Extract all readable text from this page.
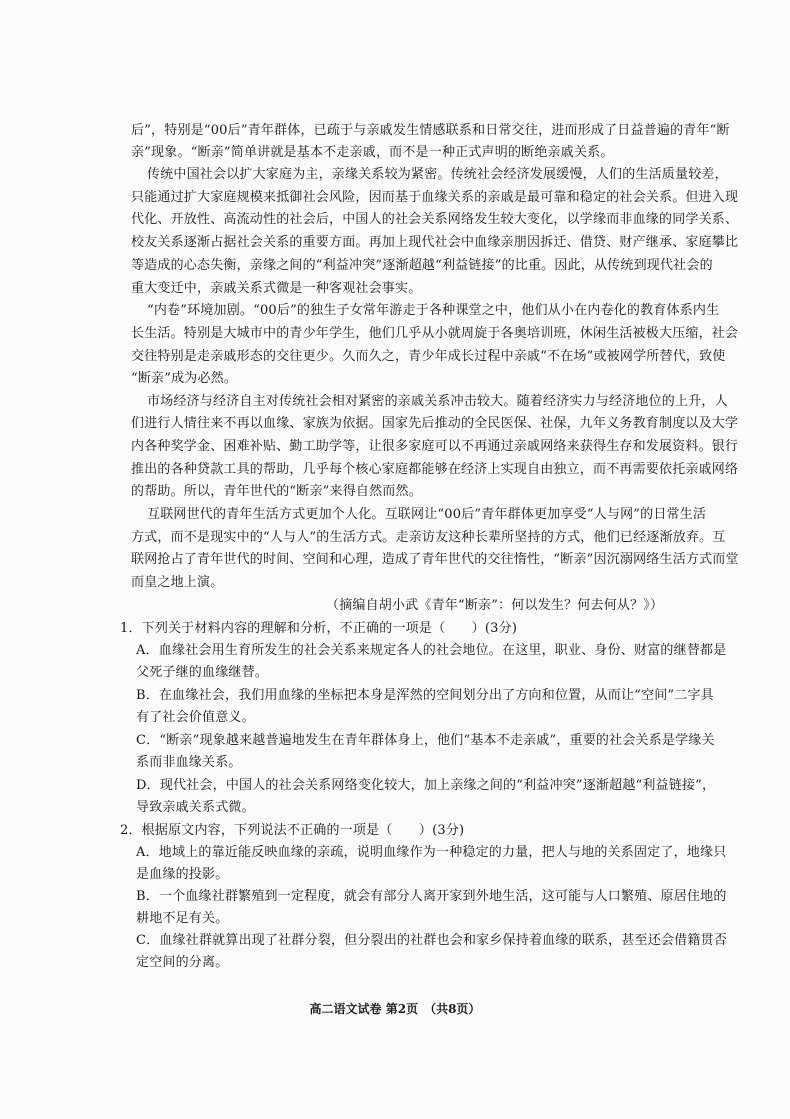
后”，特别是“00后”青年群体，已疏于与亲戚发生情感联系和日常交往，进而形成了日益普遍的青年“断
亲”现象。“断亲”简单讲就是基本不走亲戚，而不是一种正式声明的断绝亲戚关系。
传统中国社会以扩大家庭为主，亲缘关系较为紧密。传统社会经济发展缓慢，人们的生活质量较差，
只能通过扩大家庭规模来抵御社会风险，因而基于血缘关系的亲戚是最可靠和稳定的社会关系。但进入现
代化、开放性、高流动性的社会后，中国人的社会关系网络发生较大变化，以学缘而非血缘的同学关系、
校友关系逐渐占据社会关系的重要方面。再加上现代社会中血缘亲朋因拆迁、借贷、财产继承、家庭攀比
等造成的心态失衡，亲缘之间的“利益冲突”逐渐超越“利益链接”的比重。因此，从传统到现代社会的
重大变迁中，亲戚关系式微是一种客观社会事实。
“内卷”环境加剧。“00后”的独生子女常年游走于各种课堂之中，他们从小在内卷化的教育体系内生
长生活。特别是大城市中的青少年学生，他们几乎从小就周旋于各奥培训班，休闲生活被极大压缩，社会
交往特别是走亲戚形态的交往更少。久而久之，青少年成长过程中亲戚“不在场”或被网学所替代，致使
“断亲”成为必然。
市场经济与经济自主对传统社会相对紧密的亲戚关系冲击较大。随着经济实力与经济地位的上升，人
们进行人情往来不再以血缘、家族为依据。国家先后推动的全民医保、社保，九年义务教育制度以及大学
内各种奖学金、困难补贴、勤工助学等，让很多家庭可以不再通过亲戚网络来获得生存和发展资料。银行
推出的各种贷款工具的帮助，几乎每个核心家庭都能够在经济上实现自由独立，而不再需要依托亲戚网络
的帮助。所以，青年世代的“断亲”来得自然而然。
互联网世代的青年生活方式更加个人化。互联网让“00后”青年群体更加享受“人与网”的日常生活
方式，而不是现实中的“人与人”的生活方式。走亲访友这种长辈所坚持的方式，他们已经逐渐放弃。互
联网抢占了青年世代的时间、空间和心理，造成了青年世代的交往惰性，“断亲”因沉溺网络生活方式而堂
而皇之地上演。
（摘编自胡小武《青年“断亲”：何以发生？何去何从？》）
1．下列关于材料内容的理解和分析，不正确的一项是（　　）(3分)
A．血缘社会用生育所发生的社会关系来规定各人的社会地位。在这里，职业、身份、财富的继替都是
父死子继的血缘继替。
B．在血缘社会，我们用血缘的坐标把本身是浑然的空间划分出了方向和位置，从而让“空间”二字具
有了社会价值意义。
C．“断亲”现象越来越普遍地发生在青年群体身上，他们“基本不走亲戚”，重要的社会关系是学缘关
系而非血缘关系。
D．现代社会，中国人的社会关系网络变化较大，加上亲缘之间的“利益冲突”逐渐超越“利益链接”，
导致亲戚关系式微。
2．根据原文内容，下列说法不正确的一项是（　　）(3分)
A．地域上的靠近能反映血缘的亲疏，说明血缘作为一种稳定的力量，把人与地的关系固定了，地缘只
是血缘的投影。
B．一个血缘社群繁殖到一定程度，就会有部分人离开家到外地生活，这可能与人口繁殖、原居住地的
耕地不足有关。
C．血缘社群就算出现了社群分裂，但分裂出的社群也会和家乡保持着血缘的联系，甚至还会借籍贯否
定空间的分离。
高二语文试卷 第2页　（共8页）
